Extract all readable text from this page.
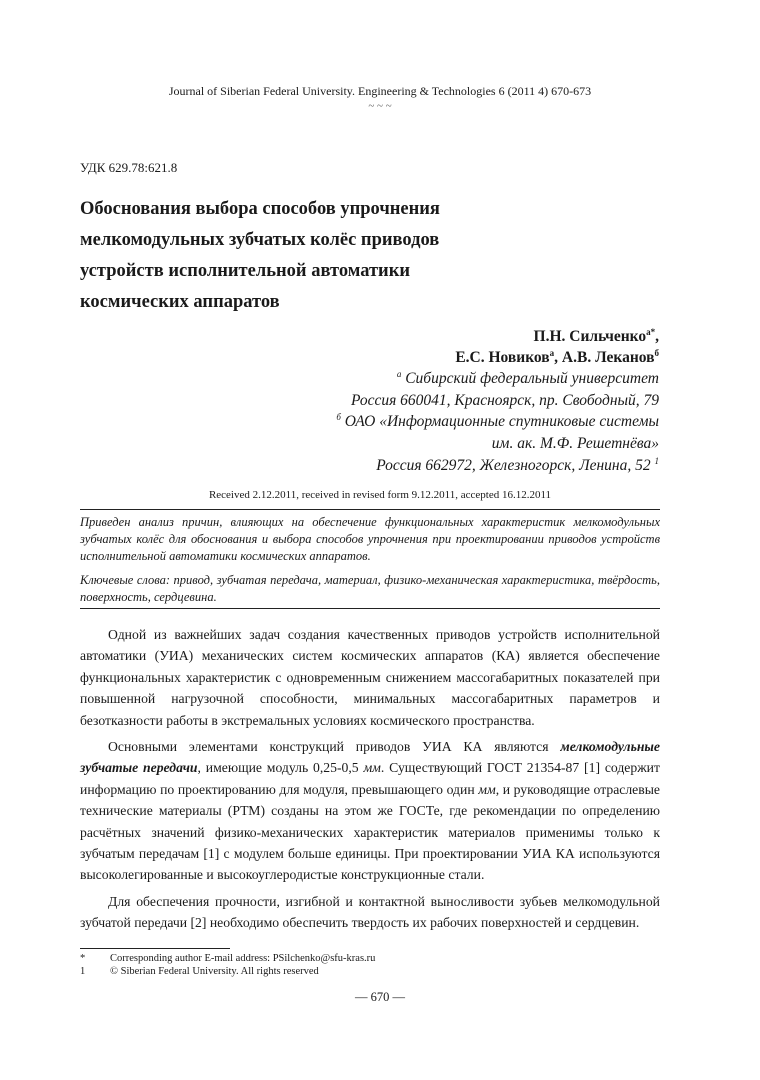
Journal of Siberian Federal University. Engineering & Technologies 6 (2011 4) 670-673
~ ~ ~
УДК 629.78:621.8
Обоснования выбора способов упрочнения
мелкомодульных зубчатых колёс приводов
устройств исполнительной автоматики
космических аппаратов
П.Н. Сильченко$^{а*}$,
Е.С. Новиков$^а$, А.В. Леканов$^б$
$^а$ Сибирский федеральный университет
Россия 660041, Красноярск, пр. Свободный, 79
$^б$ ОАО «Информационные спутниковые системы
им. ак. М.Ф. Решетнёва»
Россия 662972, Железногорск, Ленина, 52 $^1$
Received 2.12.2011, received in revised form 9.12.2011, accepted 16.12.2011

Приведен анализ причин, влияющих на обеспечение функциональных характеристик мелкомодульных зубчатых колёс для обоснования и выбора способов упрочнения при проектировании приводов устройств исполнительной автоматики космических аппаратов.

Ключевые слова: привод, зубчатая передача, материал, физико-механическая характеристика, твёрдость, поверхность, сердцевина.

Одной из важнейших задач создания качественных приводов устройств исполнительной автоматики (УИА) механических систем космических аппаратов (КА) является обеспечение функциональных характеристик с одновременным снижением массогабаритных показателей при повышенной нагрузочной способности, минимальных массогабаритных параметров и безотказности работы в экстремальных условиях космического пространства.

Основными элементами конструкций приводов УИА КА являются мелкомодульные зубчатые передачи, имеющие модуль 0,25-0,5 мм. Существующий ГОСТ 21354-87 [1] содержит информацию по проектированию для модуля, превышающего один мм, и руководящие отраслевые технические материалы (РТМ) созданы на этом же ГОСТе, где рекомендации по определению расчётных значений физико-механических характеристик материалов применимы только к зубчатым передачам [1] с модулем больше единицы. При проектировании УИА КА используются высоколегированные и высокоуглеродистые конструкционные стали.

Для обеспечения прочности, изгибной и контактной выносливости зубьев мелкомодульной зубчатой передачи [2] необходимо обеспечить твердость их рабочих поверхностей и сердцевин.

*	Corresponding author E-mail address: PSilchenko@sfu-kras.ru
1	© Siberian Federal University. All rights reserved
— 670 —
